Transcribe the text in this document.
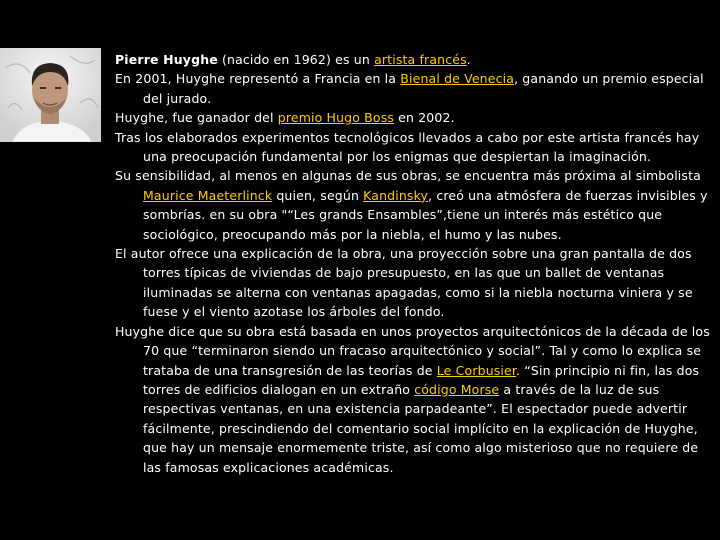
Pierre Huyghe (nacido en 1962) es un artista francés.

En 2001, Huyghe representó a Francia en la Bienal de Venecia, ganando un premio especial del jurado.

Huyghe, fue ganador del premio Hugo Boss en 2002.

Tras los elaborados experimentos tecnológicos llevados a cabo por este artista francés hay una preocupación fundamental por los enigmas que despiertan la imaginación.

Su sensibilidad, al menos en algunas de sus obras, se encuentra más próxima al simbolista Maurice Maeterlinck quien, según Kandinsky, creó una atmósfera de fuerzas invisibles y sombrías. en su obra "“Les grands Ensambles”,tiene un interés más estético que sociológico, preocupando más por la niebla, el humo y las nubes.

El autor ofrece una explicación de la obra, una proyección sobre una gran pantalla de dos torres típicas de viviendas de bajo presupuesto, en las que un ballet de ventanas iluminadas se alterna con ventanas apagadas, como si la niebla nocturna viniera y se fuese y el viento azotase los árboles del fondo.

Huyghe dice que su obra está basada en unos proyectos arquitectónicos de la década de los 70 que “terminaron siendo un fracaso arquitectónico y social”. Tal y como lo explica se trataba de una transgresión de las teorías de Le Corbusier. “Sin principio ni fin, las dos torres de edificios dialogan en un extraño código Morse a través de la luz de sus respectivas ventanas, en una existencia parpadeante”. El espectador puede advertir fácilmente, prescindiendo del comentario social implícito en la explicación de Huyghe, que hay un mensaje enormemente triste, así como algo misterioso que no requiere de las famosas explicaciones académicas.
